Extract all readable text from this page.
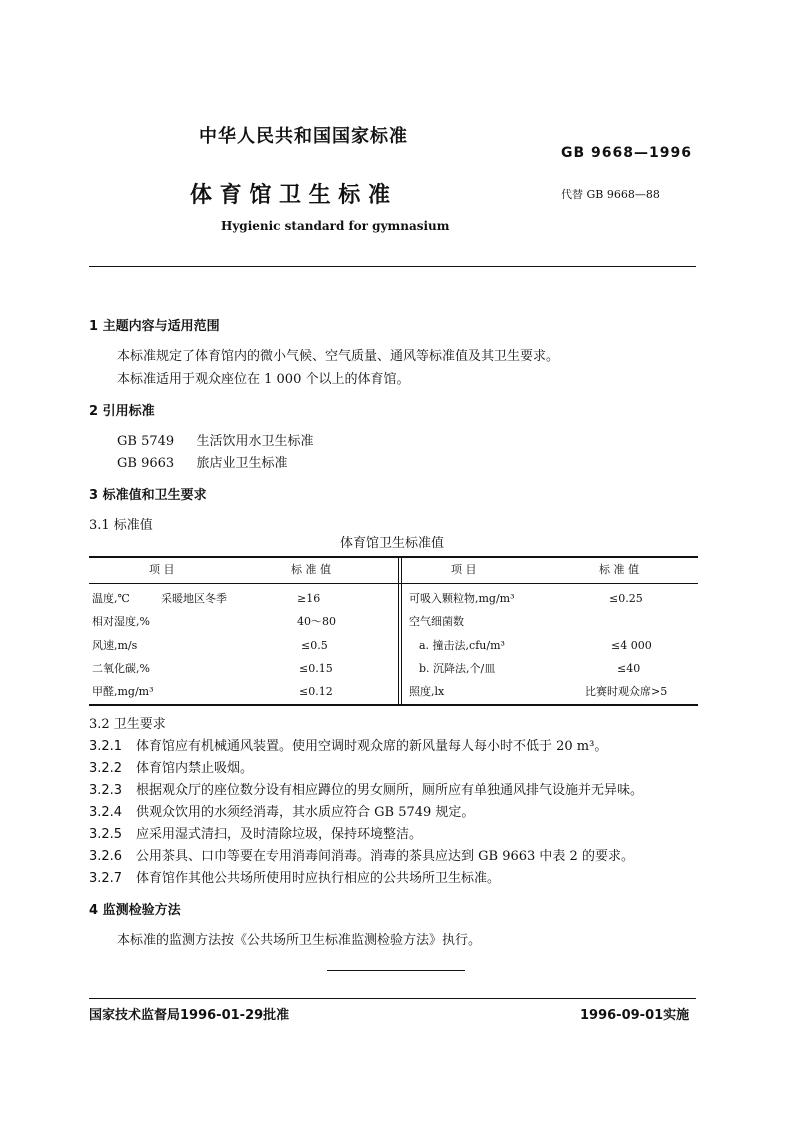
中华人民共和国国家标准
GB 9668—1996
体 育 馆 卫 生 标 准	代替 GB 9668—88
Hygienic standard for gymnasium
1 主题内容与适用范围
本标准规定了体育馆内的微小气候、空气质量、通风等标准值及其卫生要求。
本标准适用于观众座位在 1 000 个以上的体育馆。
2 引用标准
GB 5749 生活饮用水卫生标准
GB 9663 旅店业卫生标准
3 标准值和卫生要求
3.1 标准值
体育馆卫生标准值
项 目	标 准 值	项 目	标 准 值
温度,℃	采暖地区冬季	≥16	可吸入颗粒物,mg/m³	≤0.25
相对湿度,%	40～80	空气细菌数
风速,m/s	≤0.5	a. 撞击法,cfu/m³	≤4 000
二氧化碳,%	≤0.15	b. 沉降法,个/皿	≤40
甲醛,mg/m³	≤0.12	照度,lx	比赛时观众席>5
3.2 卫生要求
3.2.1 体育馆应有机械通风装置。使用空调时观众席的新风量每人每小时不低于 20 m³。
3.2.2 体育馆内禁止吸烟。
3.2.3 根据观众厅的座位数分设有相应蹲位的男女厕所，厕所应有单独通风排气设施并无异味。
3.2.4 供观众饮用的水须经消毒，其水质应符合 GB 5749 规定。
3.2.5 应采用湿式清扫，及时清除垃圾，保持环境整洁。
3.2.6 公用茶具、口巾等要在专用消毒间消毒。消毒的茶具应达到 GB 9663 中表 2 的要求。
3.2.7 体育馆作其他公共场所使用时应执行相应的公共场所卫生标准。
4 监测检验方法
本标准的监测方法按《公共场所卫生标准监测检验方法》执行。
国家技术监督局1996-01-29批准	1996-09-01实施
